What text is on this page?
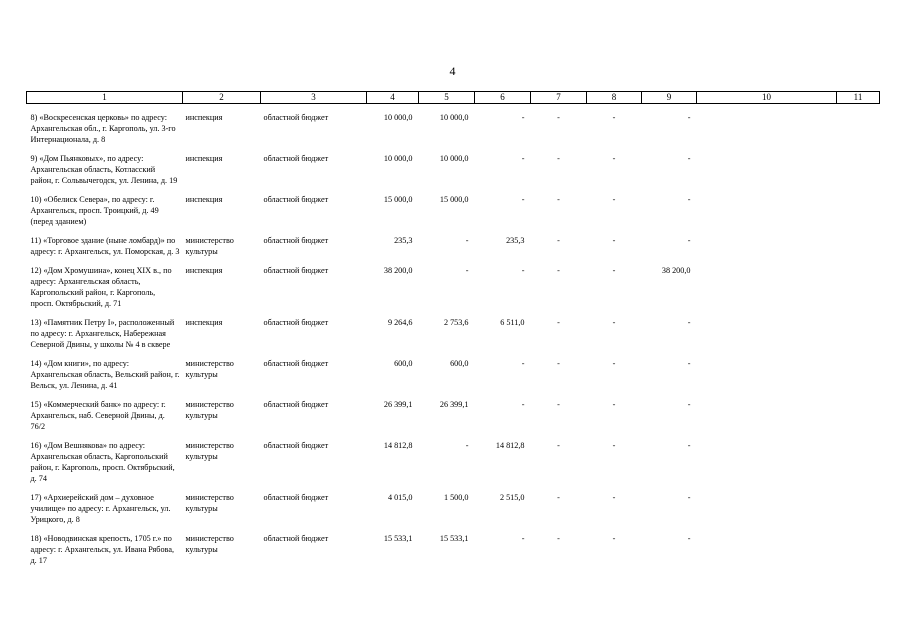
4
1	2	3	4	5	6	7	8	9	10	11
8) «Воскресенская церковь» по адресу: Архангельская обл., г. Каргополь, ул. 3-го Интернационала, д. 8	инспекция	областной бюджет	10 000,0	10 000,0	-	-	-	-		
9) «Дом Пьянковых», по адресу: Архангельская область, Котласский район, г. Сольвычегодск, ул. Ленина, д. 19	инспекция	областной бюджет	10 000,0	10 000,0	-	-	-	-		
10) «Обелиск Севера», по адресу: г. Архангельск, просп. Троицкий, д. 49 (перед зданием)	инспекция	областной бюджет	15 000,0	15 000,0	-	-	-	-		
11) «Торговое здание (ныне ломбард)» по адресу: г. Архангельск, ул. Поморская, д. 3	министерство культуры	областной бюджет	235,3	-	235,3	-	-	-		
12) «Дом Хромушина», конец XIX в., по адресу: Архангельская область, Каргопольский район, г. Каргополь, просп. Октябрьский, д. 71	инспекция	областной бюджет	38 200,0	-	-	-	-	38 200,0		
13) «Памятник Петру I», расположенный по адресу: г. Архангельск, Набережная Северной Двины, у школы № 4 в сквере	инспекция	областной бюджет	9 264,6	2 753,6	6 511,0	-	-	-		
14) «Дом книги», по адресу: Архангельская область, Вельский район, г. Вельск, ул. Ленина, д. 41	министерство культуры	областной бюджет	600,0	600,0	-	-	-	-		
15) «Коммерческий банк» по адресу: г. Архангельск, наб. Северной Двины, д. 76/2	министерство культуры	областной бюджет	26 399,1	26 399,1	-	-	-	-		
16) «Дом Вешнякова» по адресу: Архангельская область, Каргопольский район, г. Каргополь, просп. Октябрьский, д. 74	министерство культуры	областной бюджет	14 812,8	-	14 812,8	-	-	-		
17) «Архиерейский дом – духовное училище» по адресу: г. Архангельск, ул. Урицкого, д. 8	министерство культуры	областной бюджет	4 015,0	1 500,0	2 515,0	-	-	-		
18) «Новодвинская крепость, 1705 г.» по адресу: г. Архангельск, ул. Ивана Рябова, д. 17	министерство культуры	областной бюджет	15 533,1	15 533,1	-	-	-	-		
